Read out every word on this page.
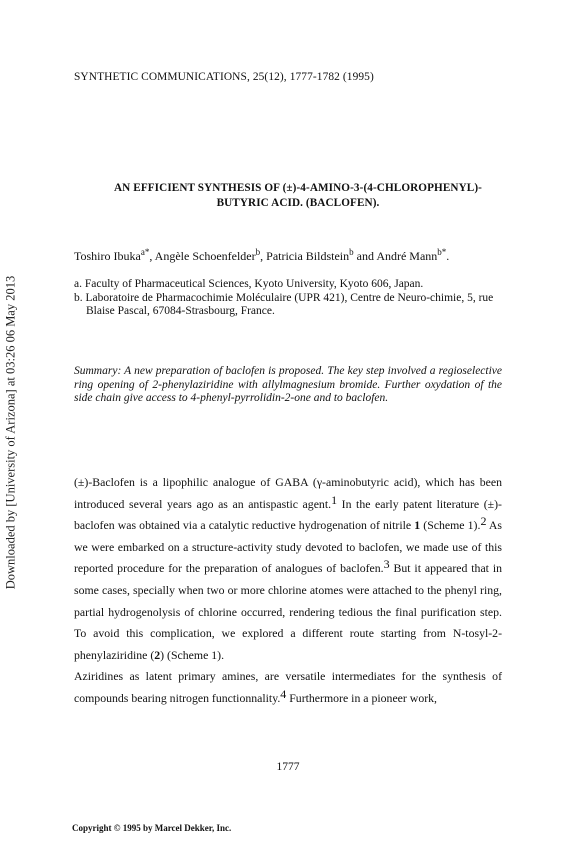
Downloaded by [University of Arizona] at 03:26 06 May 2013
SYNTHETIC COMMUNICATIONS, 25(12), 1777-1782 (1995)
AN EFFICIENT SYNTHESIS OF (±)-4-AMINO-3-(4-CHLOROPHENYL)-
BUTYRIC ACID. (BACLOFEN).
Toshiro Ibuka$^{a*}$, Angèle Schoenfelder$^b$, Patricia Bildstein$^b$ and André Mann$^{b*}$.
a. Faculty of Pharmaceutical Sciences, Kyoto University, Kyoto 606, Japan.
b. Laboratoire de Pharmacochimie Moléculaire (UPR 421), Centre de Neuro-chimie, 5, rue Blaise Pascal, 67084-Strasbourg, France.
Summary: A new preparation of baclofen is proposed. The key step involved a regioselective ring opening of 2-phenylaziridine with allylmagnesium bromide. Further oxydation of the side chain give access to 4-phenyl-pyrrolidin-2-one and to baclofen.

(±)-Baclofen is a lipophilic analogue of GABA (γ-aminobutyric acid), which has been introduced several years ago as an antispastic agent.$^1$ In the early patent literature (±)-baclofen was obtained via a catalytic reductive hydrogenation of nitrile 1 (Scheme 1).$^2$ As we were embarked on a structure-activity study devoted to baclofen, we made use of this reported procedure for the preparation of analogues of baclofen.$^3$ But it appeared that in some cases, specially when two or more chlorine atomes were attached to the phenyl ring, partial hydrogenolysis of chlorine occurred, rendering tedious the final purification step. To avoid this complication, we explored a different route starting from N-tosyl-2-phenylaziridine (2) (Scheme 1).

Aziridines as latent primary amines, are versatile intermediates for the synthesis of compounds bearing nitrogen functionnality.$^4$ Furthermore in a pioneer work,

1777
Copyright © 1995 by Marcel Dekker, Inc.
